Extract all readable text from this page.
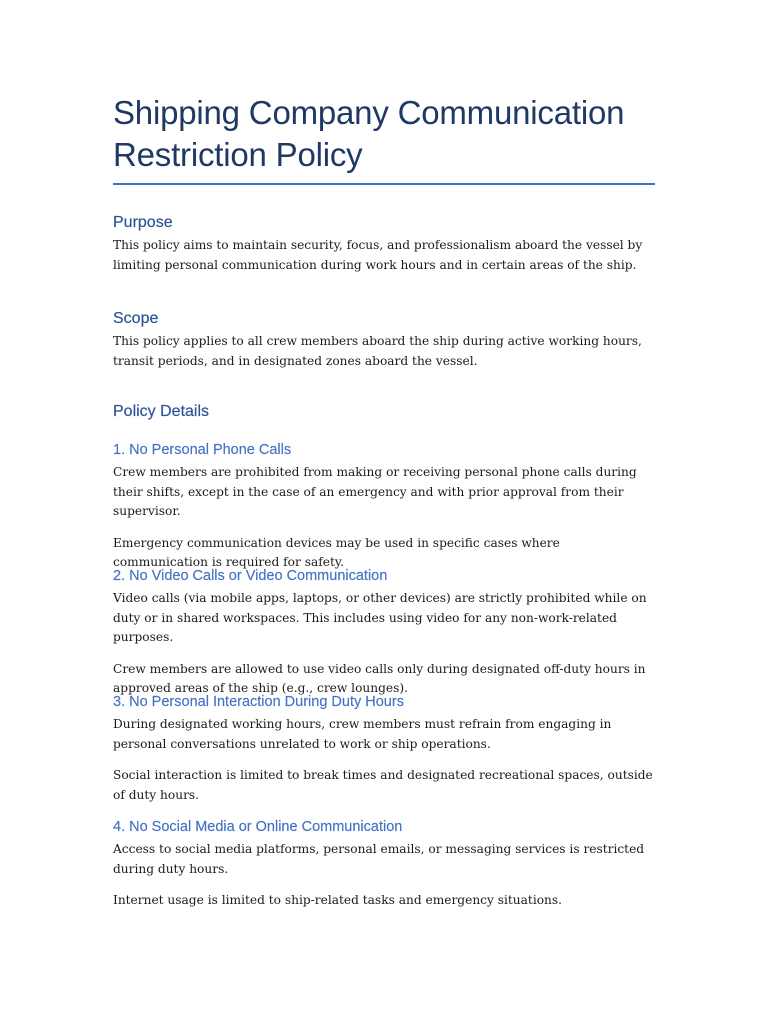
Shipping Company Communication
Restriction Policy
Purpose

This policy aims to maintain security, focus, and professionalism aboard the vessel by limiting personal communication during work hours and in certain areas of the ship.

Scope

This policy applies to all crew members aboard the ship during active working hours, transit periods, and in designated zones aboard the vessel.

Policy Details
1. No Personal Phone Calls

Crew members are prohibited from making or receiving personal phone calls during their shifts, except in the case of an emergency and with prior approval from their supervisor.

Emergency communication devices may be used in specific cases where communication is required for safety.

2. No Video Calls or Video Communication

Video calls (via mobile apps, laptops, or other devices) are strictly prohibited while on duty or in shared workspaces. This includes using video for any non-work-related purposes.

Crew members are allowed to use video calls only during designated off-duty hours in approved areas of the ship (e.g., crew lounges).

3. No Personal Interaction During Duty Hours

During designated working hours, crew members must refrain from engaging in personal conversations unrelated to work or ship operations.

Social interaction is limited to break times and designated recreational spaces, outside of duty hours.

4. No Social Media or Online Communication

Access to social media platforms, personal emails, or messaging services is restricted during duty hours.

Internet usage is limited to ship-related tasks and emergency situations.
